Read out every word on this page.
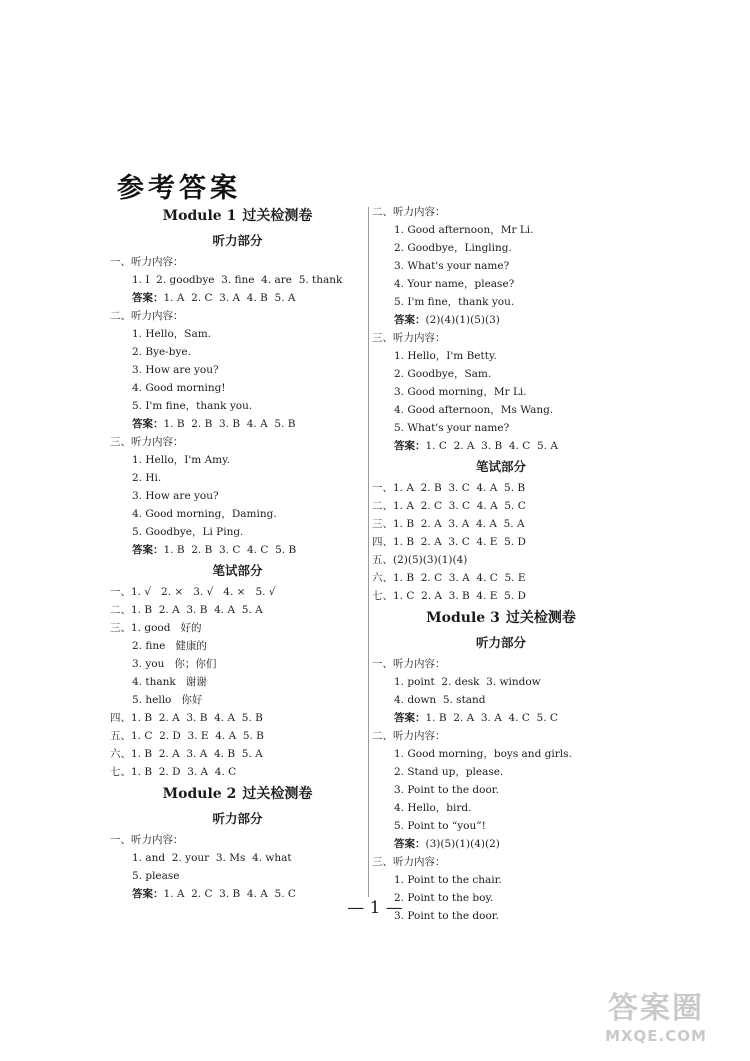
参考答案
Module 1 过关检测卷
听力部分
一、听力内容：
1. I  2. goodbye  3. fine  4. are  5. thank
答案：1. A  2. C  3. A  4. B  5. A
二、听力内容：
1. Hello，Sam.
2. Bye-bye.
3. How are you?
4. Good morning!
5. I'm fine，thank you.
答案：1. B  2. B  3. B  4. A  5. B
三、听力内容：
1. Hello，I'm Amy.
2. Hi.
3. How are you?
4. Good morning，Daming.
5. Goodbye，Li Ping.
答案：1. B  2. B  3. C  4. C  5. B
笔试部分
一、1. √   2. ×   3. √   4. ×   5. √
二、1. B  2. A  3. B  4. A  5. A
三、1. good   好的
2. fine   健康的
3. you   你；你们
4. thank   谢谢
5. hello   你好
四、1. B  2. A  3. B  4. A  5. B
五、1. C  2. D  3. E  4. A  5. B
六、1. B  2. A  3. A  4. B  5. A
七、1. B  2. D  3. A  4. C
Module 2 过关检测卷
听力部分
一、听力内容：
1. and  2. your  3. Ms  4. what
5. please
答案：1. A  2. C  3. B  4. A  5. C
二、听力内容：
1. Good afternoon，Mr Li.
2. Goodbye，Lingling.
3. What's your name?
4. Your name，please?
5. I'm fine，thank you.
答案：(2)(4)(1)(5)(3)
三、听力内容：
1. Hello，I'm Betty.
2. Goodbye，Sam.
3. Good morning，Mr Li.
4. Good afternoon，Ms Wang.
5. What's your name?
答案：1. C  2. A  3. B  4. C  5. A
笔试部分
一、1. A  2. B  3. C  4. A  5. B
二、1. A  2. C  3. C  4. A  5. C
三、1. B  2. A  3. A  4. A  5. A
四、1. B  2. A  3. C  4. E  5. D
五、(2)(5)(3)(1)(4)
六、1. B  2. C  3. A  4. C  5. E
七、1. C  2. A  3. B  4. E  5. D
Module 3 过关检测卷
听力部分
一、听力内容：
1. point  2. desk  3. window
4. down  5. stand
答案：1. B  2. A  3. A  4. C  5. C
二、听力内容：
1. Good morning，boys and girls.
2. Stand up，please.
3. Point to the door.
4. Hello，bird.
5. Point to “you”!
答案：(3)(5)(1)(4)(2)
三、听力内容：
1. Point to the chair.
2. Point to the boy.
3. Point to the door.
— 1 —
答案圈
MXQE.COM
